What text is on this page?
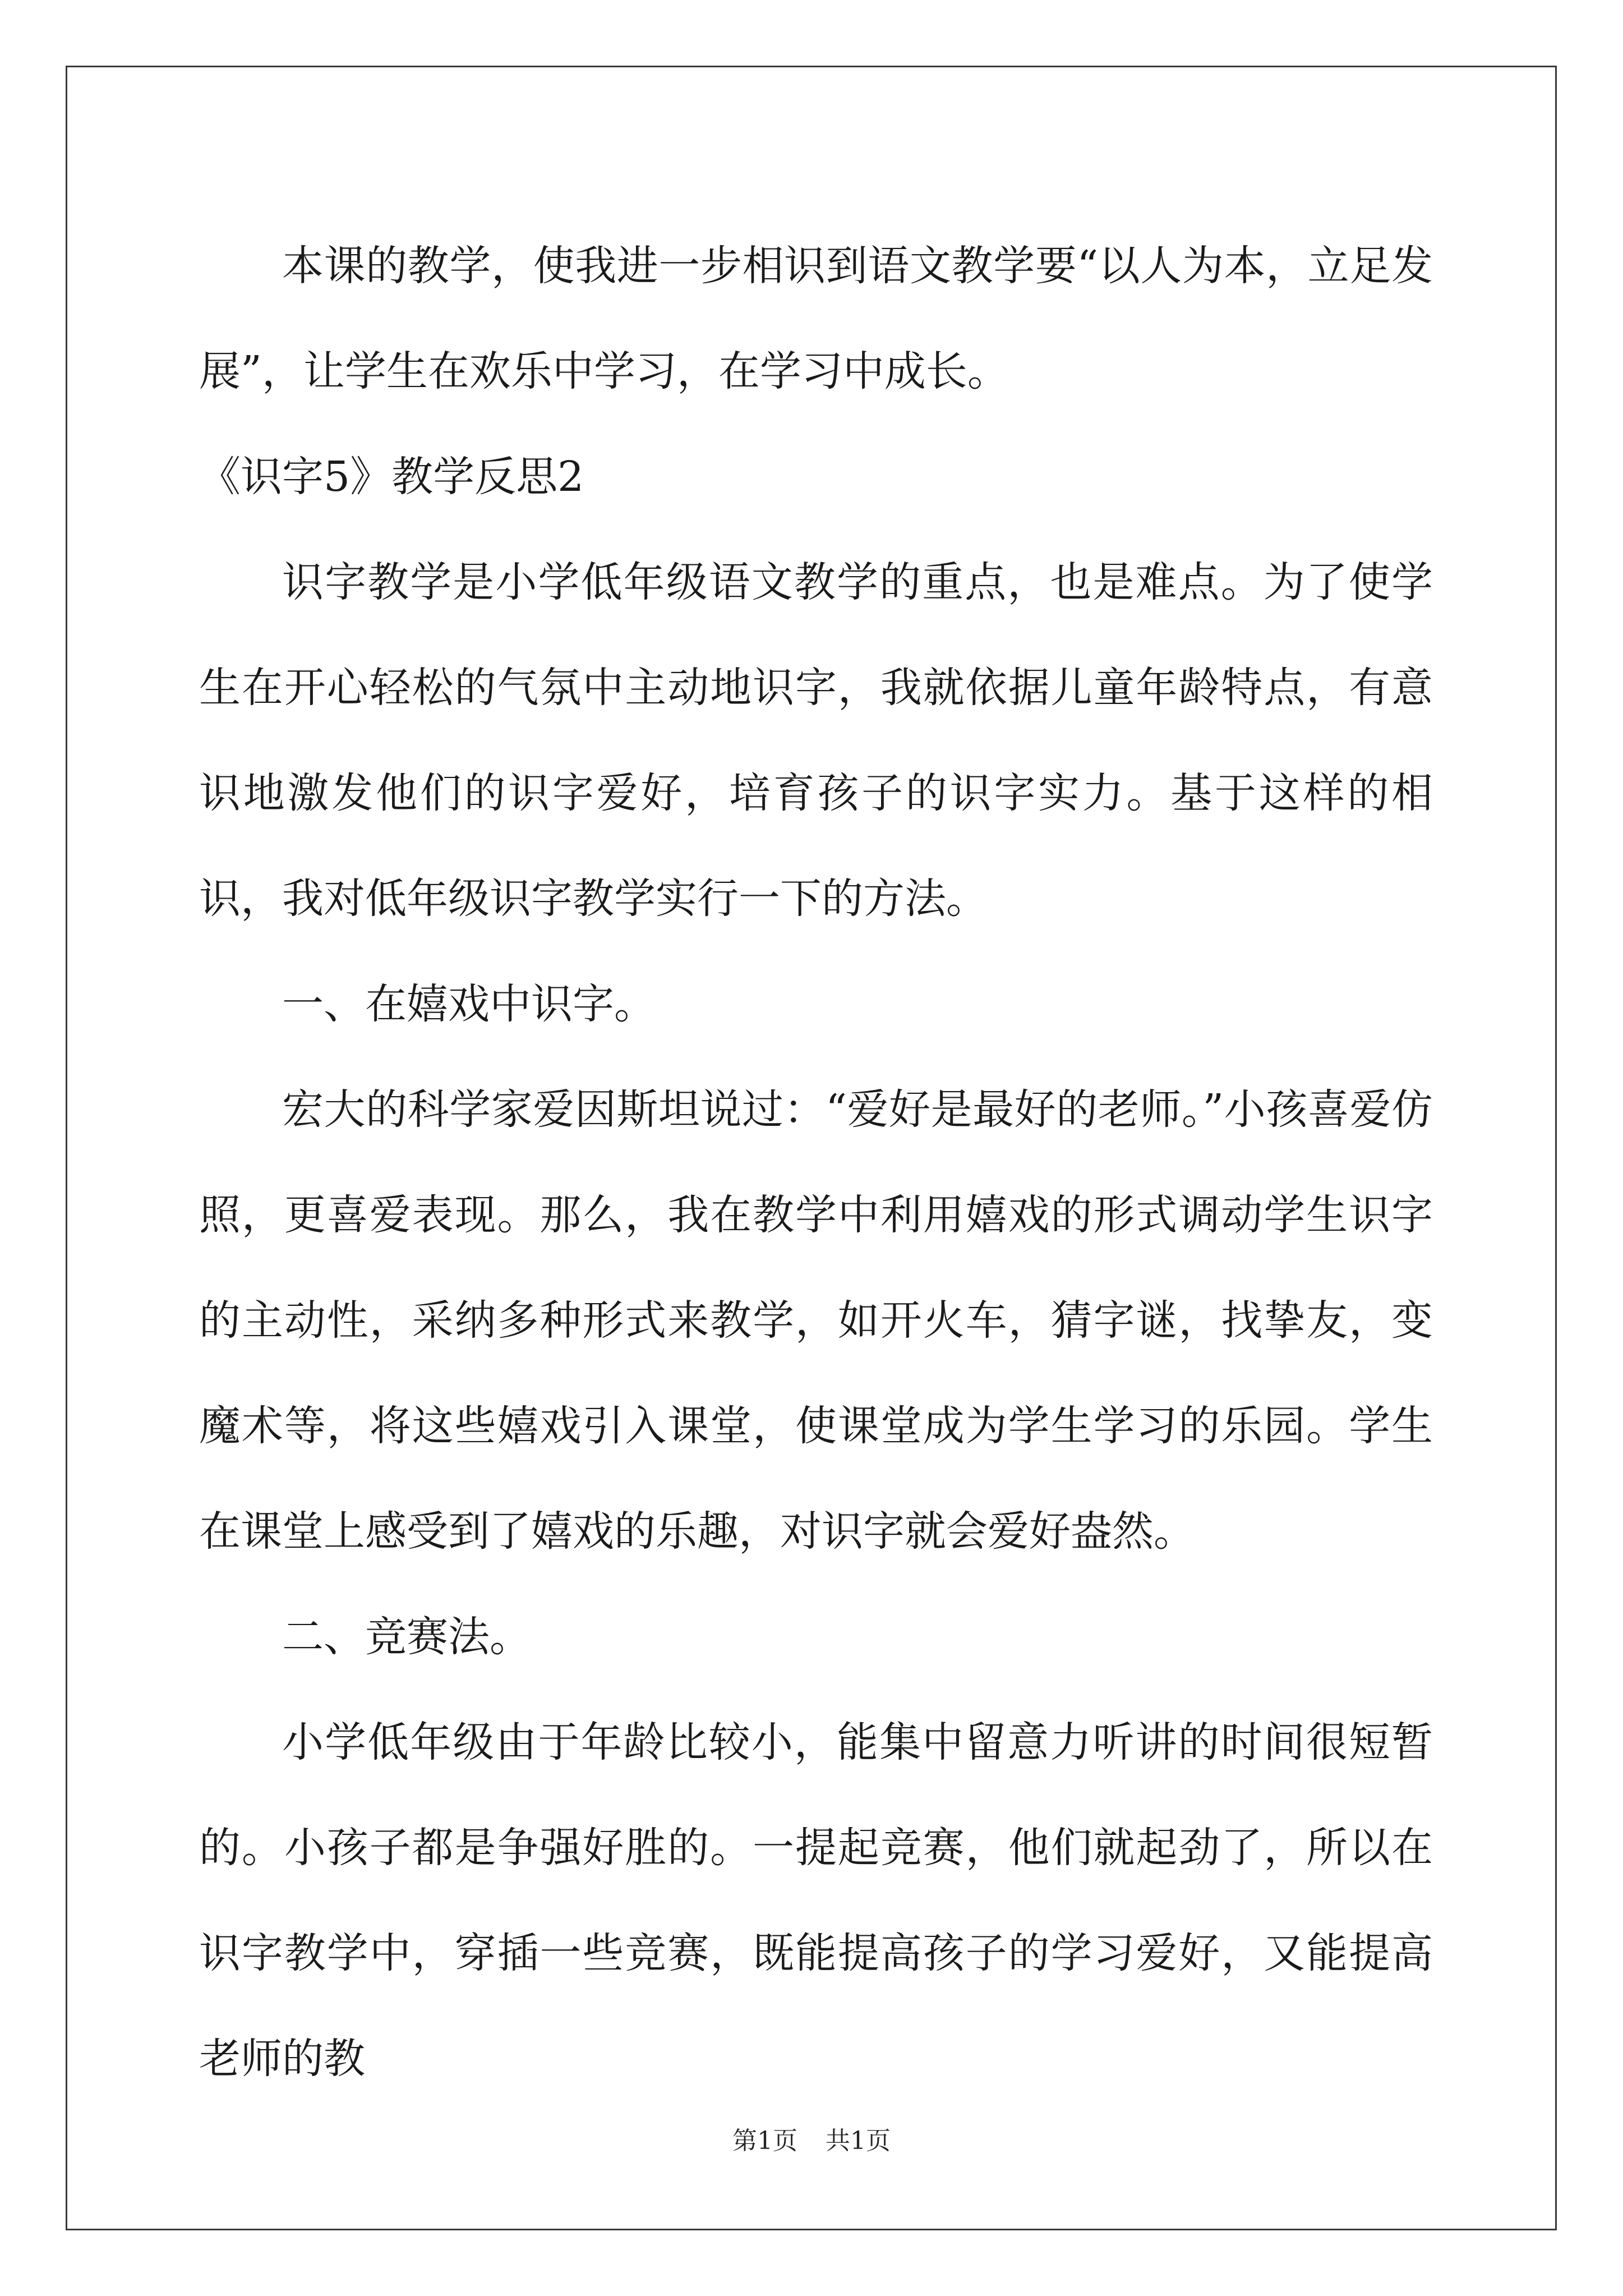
本课的教学，使我进一步相识到语文教学要“以人为本，立足发展”，让学生在欢乐中学习，在学习中成长。

《识字5》教学反思2

识字教学是小学低年级语文教学的重点，也是难点。为了使学生在开心轻松的气氛中主动地识字，我就依据儿童年龄特点，有意识地激发他们的识字爱好，培育孩子的识字实力。基于这样的相识，我对低年级识字教学实行一下的方法。

一、在嬉戏中识字。

宏大的科学家爱因斯坦说过：“爱好是最好的老师。”小孩喜爱仿照，更喜爱表现。那么，我在教学中利用嬉戏的形式调动学生识字的主动性，采纳多种形式来教学，如开火车，猜字谜，找挚友，变魔术等，将这些嬉戏引入课堂，使课堂成为学生学习的乐园。学生在课堂上感受到了嬉戏的乐趣，对识字就会爱好盎然。

二、竞赛法。

小学低年级由于年龄比较小，能集中留意力听讲的时间很短暂的。小孩子都是争强好胜的。一提起竞赛，他们就起劲了，所以在识字教学中，穿插一些竞赛，既能提高孩子的学习爱好，又能提高老师的教

第1页 共1页
